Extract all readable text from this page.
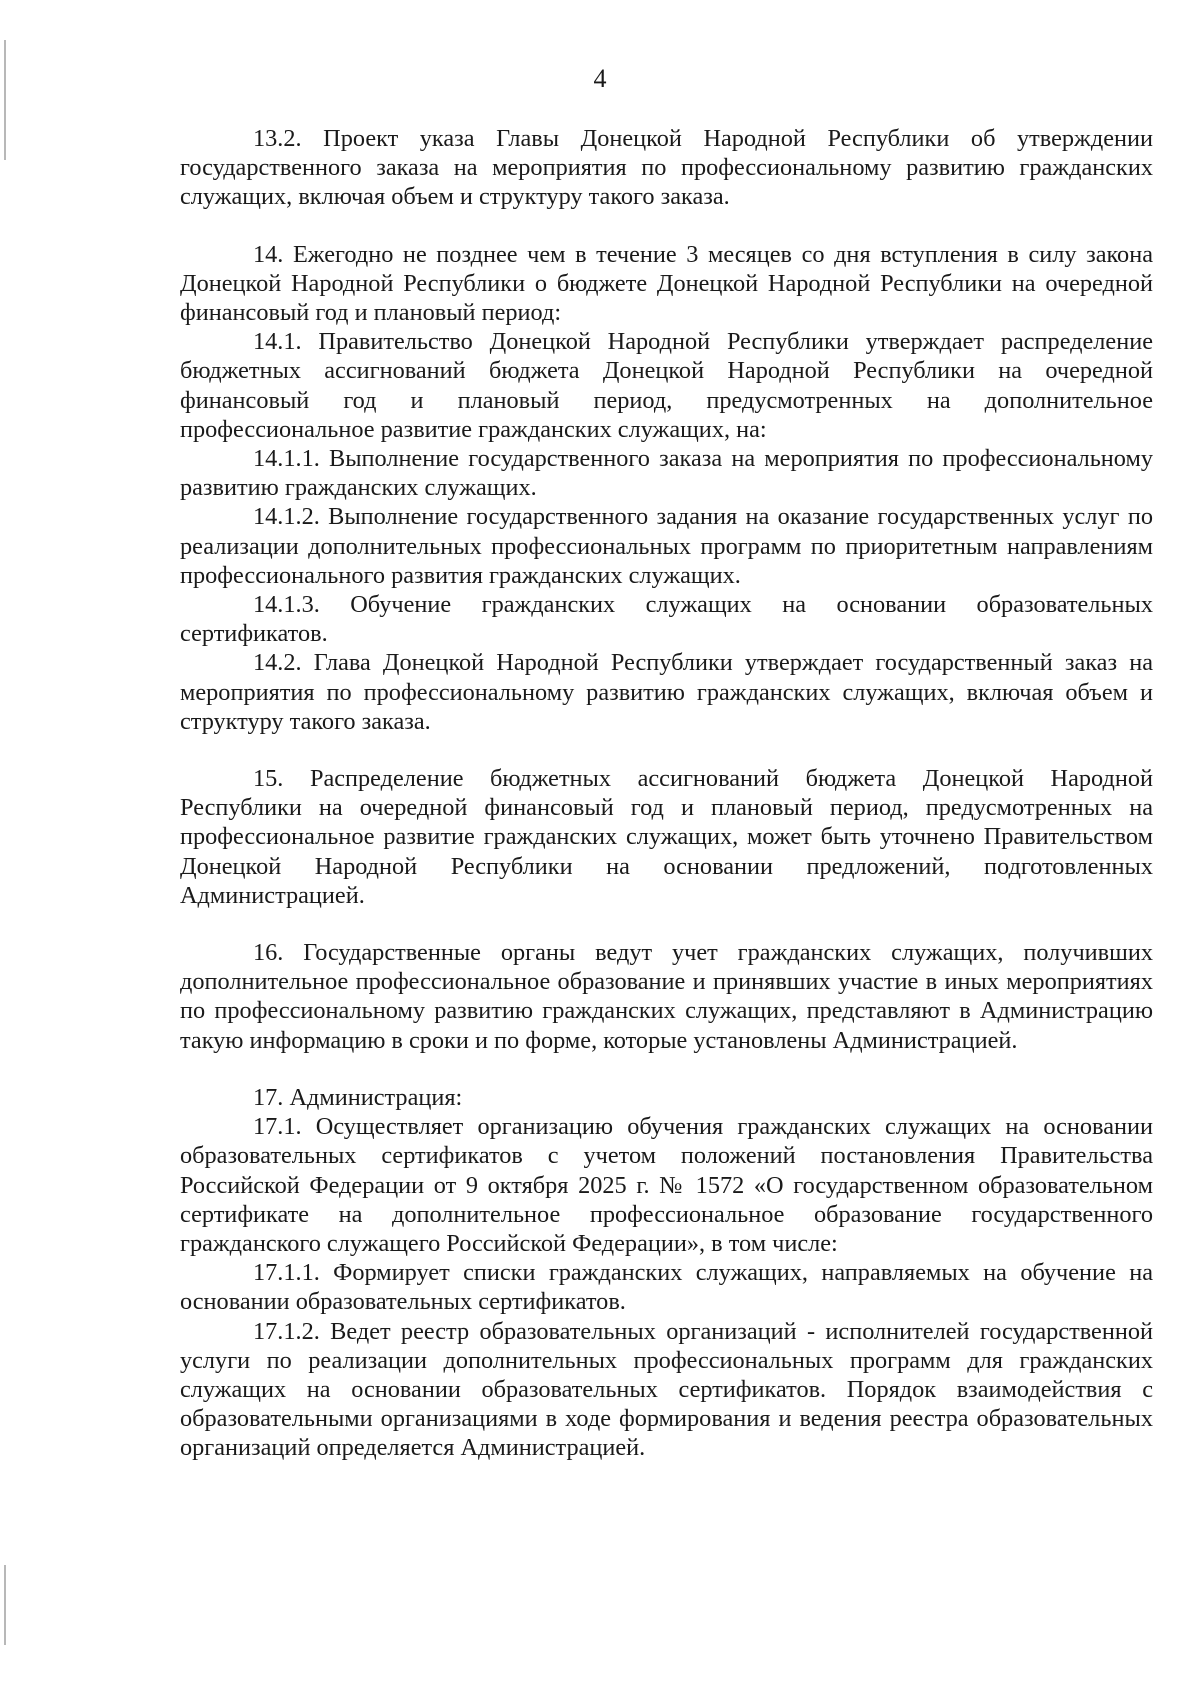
4

13.2. Проект указа Главы Донецкой Народной Республики об утверждении государственного заказа на мероприятия по профессиональному развитию гражданских служащих, включая объем и структуру такого заказа.

14. Ежегодно не позднее чем в течение 3 месяцев со дня вступления в силу закона Донецкой Народной Республики о бюджете Донецкой Народной Республики на очередной финансовый год и плановый период:

14.1. Правительство Донецкой Народной Республики утверждает распределение бюджетных ассигнований бюджета Донецкой Народной Республики на очередной финансовый год и плановый период, предусмотренных на дополнительное профессиональное развитие гражданских служащих, на:

14.1.1. Выполнение государственного заказа на мероприятия по профессиональному развитию гражданских служащих.

14.1.2. Выполнение государственного задания на оказание государственных услуг по реализации дополнительных профессиональных программ по приоритетным направлениям профессионального развития гражданских служащих.

14.1.3. Обучение гражданских служащих на основании образовательных сертификатов.

14.2. Глава Донецкой Народной Республики утверждает государственный заказ на мероприятия по профессиональному развитию гражданских служащих, включая объем и структуру такого заказа.

15. Распределение бюджетных ассигнований бюджета Донецкой Народной Республики на очередной финансовый год и плановый период, предусмотренных на профессиональное развитие гражданских служащих, может быть уточнено Правительством Донецкой Народной Республики на основании предложений, подготовленных Администрацией.

16. Государственные органы ведут учет гражданских служащих, получивших дополнительное профессиональное образование и принявших участие в иных мероприятиях по профессиональному развитию гражданских служащих, представляют в Администрацию такую информацию в сроки и по форме, которые установлены Администрацией.

17. Администрация:

17.1. Осуществляет организацию обучения гражданских служащих на основании образовательных сертификатов с учетом положений постановления Правительства Российской Федерации от 9 октября 2025 г. № 1572 «О государственном образовательном сертификате на дополнительное профессиональное образование государственного гражданского служащего Российской Федерации», в том числе:

17.1.1. Формирует списки гражданских служащих, направляемых на обучение на основании образовательных сертификатов.

17.1.2. Ведет реестр образовательных организаций - исполнителей государственной услуги по реализации дополнительных профессиональных программ для гражданских служащих на основании образовательных сертификатов. Порядок взаимодействия с образовательными организациями в ходе формирования и ведения реестра образовательных организаций определяется Администрацией.
